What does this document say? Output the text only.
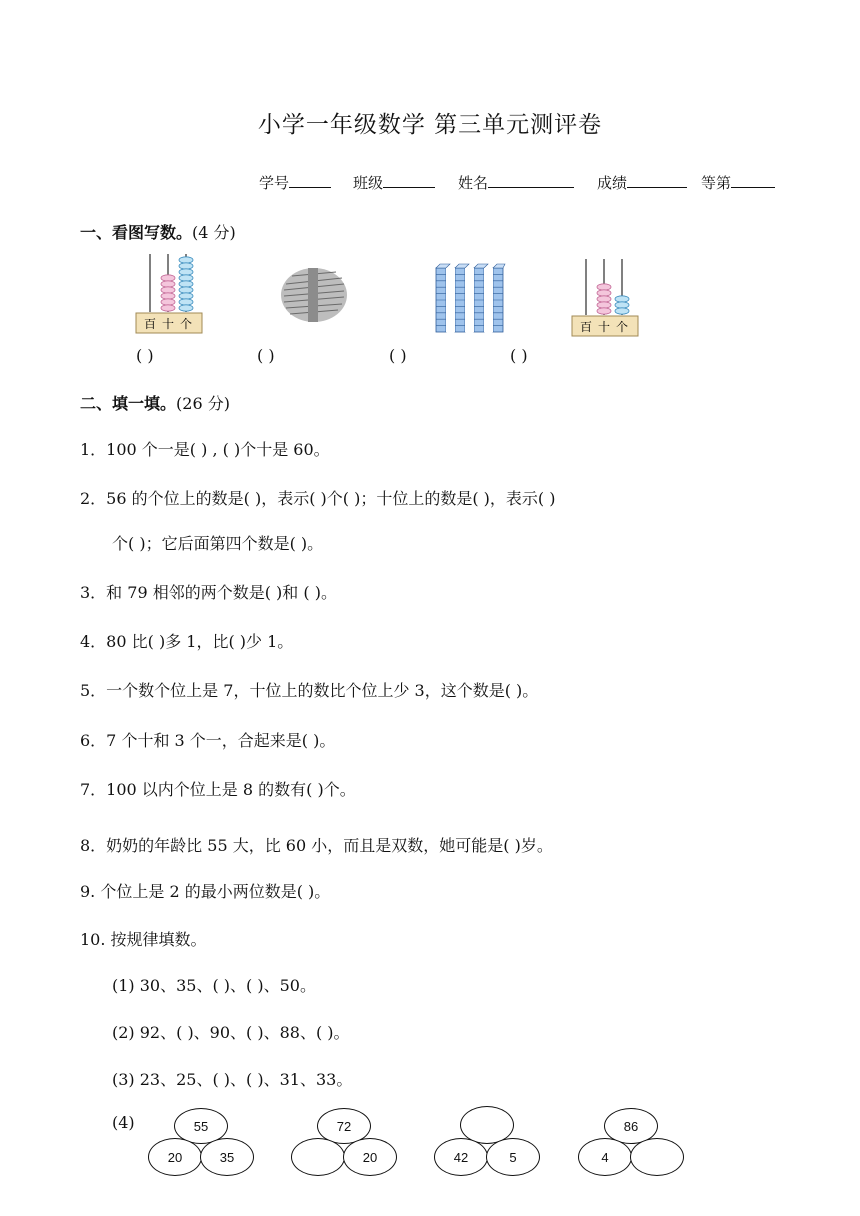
小学一年级数学 第三单元测评卷
学号	班级	姓名	成绩	等第
一、看图写数。(4 分)
百 十 个	百 十 个
( )	( )	( )	( )
二、填一填。(26 分)
1．100 个一是( ) , ( )个十是 60。
2．56 的个位上的数是( )，表示( )个( )；十位上的数是( )，表示( )
个( )；它后面第四个数是( )。
3．和 79 相邻的两个数是( )和 ( )。
4．80 比( )多 1，比( )少 1。
5．一个数个位上是 7，十位上的数比个位上少 3，这个数是( )。
6．7 个十和 3 个一，合起来是( )。
7．100 以内个位上是 8 的数有( )个。
8．奶奶的年龄比 55 大，比 60 小，而且是双数，她可能是( )岁。
9. 个位上是 2 的最小两位数是( )。
10. 按规律填数。
(1) 30、35、( )、( )、50。
(2) 92、( )、90、( )、88、( )。
(3) 23、25、( )、( )、31、33。
(4)	55
20	35
72
20	42	5
86
4
